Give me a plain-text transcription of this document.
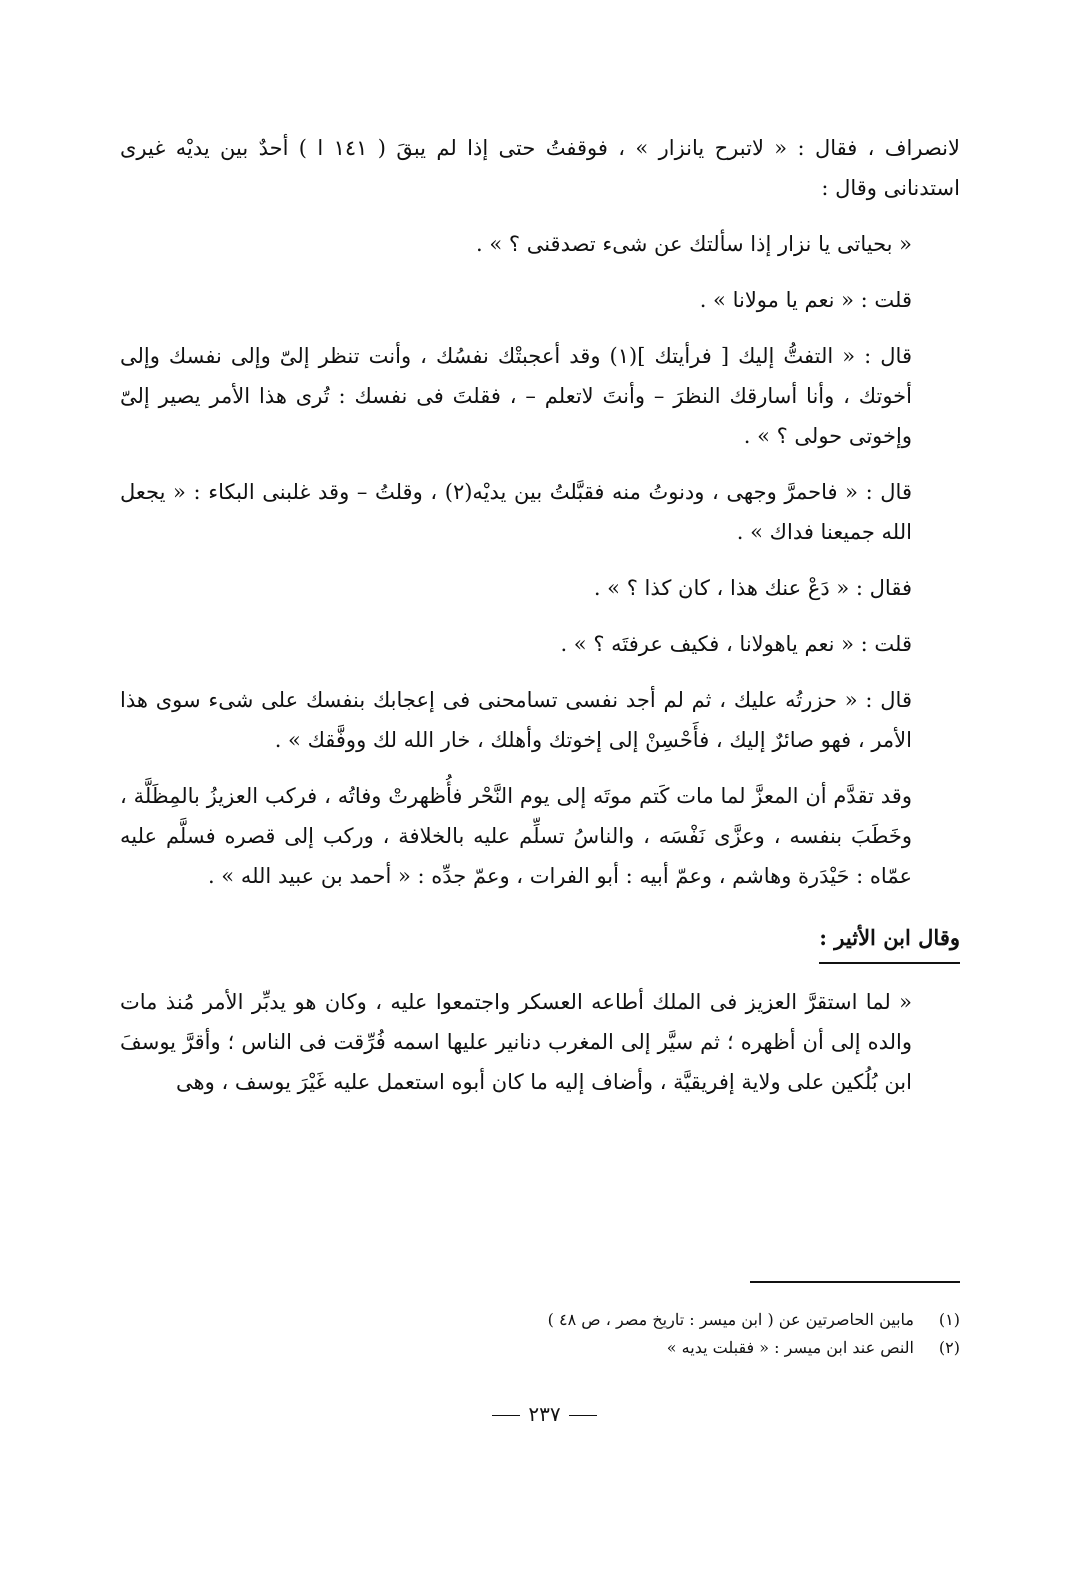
لانصراف ، فقال : « لاتبرح يانزار » ، فوقفتُ حتى إذا لم يبقَ ( ١٤١ ا ) أحدٌ بين يديْه غيرى استدنانى وقال :

« بحياتى يا نزار إذا سألتك عن شىء تصدقنى ؟ » .

قلت : « نعم يا مولانا » .

قال : « التفتُّ إليك [ فرأيتك ](١) وقد أعجبتْك نفسُك ، وأنت تنظر إلىّ وإلى نفسك وإلى أخوتك ، وأنا أسارقك النظرَ – وأنتَ لاتعلم – ، فقلتَ فى نفسك : تُرى هذا الأمر يصير إلىّ وإخوتى حولى ؟ » .

قال : « فاحمرَّ وجهى ، ودنوتُ منه فقبَّلتُ بين يديْه(٢) ، وقلتُ – وقد غلبنى البكاء : « يجعل الله جميعنا فداك » .

فقال : « دَعْ عنك هذا ، كان كذا ؟ » .

قلت : « نعم ياهولانا ، فكيف عرفتَه ؟ » .

قال : « حزرتُه عليك ، ثم لم أجد نفسى تسامحنى فى إعجابك بنفسك على شىء سوى هذا الأمر ، فهو صائرٌ إليك ، فأَحْسِنْ إلى إخوتك وأهلك ، خار الله لك ووفَّقك » .

وقد تقدَّم أن المعزَّ لما مات كَتم موتَه إلى يوم النَّحْر فأُظهرتْ وفاتُه ، فركب العزيزُ بالمِظَلَّة ، وخَطَبَ بنفسه ، وعزَّى نَفْسَه ، والناسُ تسلِّم عليه بالخلافة ، وركب إلى قصره فسلَّم عليه عمّاه : حَيْدَرة وهاشم ، وعمّ أبيه : أبو الفرات ، وعمّ جدِّه : « أحمد بن عبيد الله » .

وقال ابن الأثير :

« لما استقرَّ العزيز فى الملك أطاعه العسكر واجتمعوا عليه ، وكان هو يدبِّر الأمر مُنذ مات والده إلى أن أظهره ؛ ثم سيَّر إلى المغرب دنانير عليها اسمه فُرِّقت فى الناس ؛ وأقرَّ يوسفَ ابن بُلُكين على ولاية إفريقيَّة ، وأضاف إليه ما كان أبوه استعمل عليه غَيْرَ يوسف ، وهى

(١)
مابين الحاصرتين عن ( ابن ميسر : تاريخ مصر ، ص ٤٨ )
(٢)
النص عند ابن ميسر : « فقبلت يديه »
٢٣٧
